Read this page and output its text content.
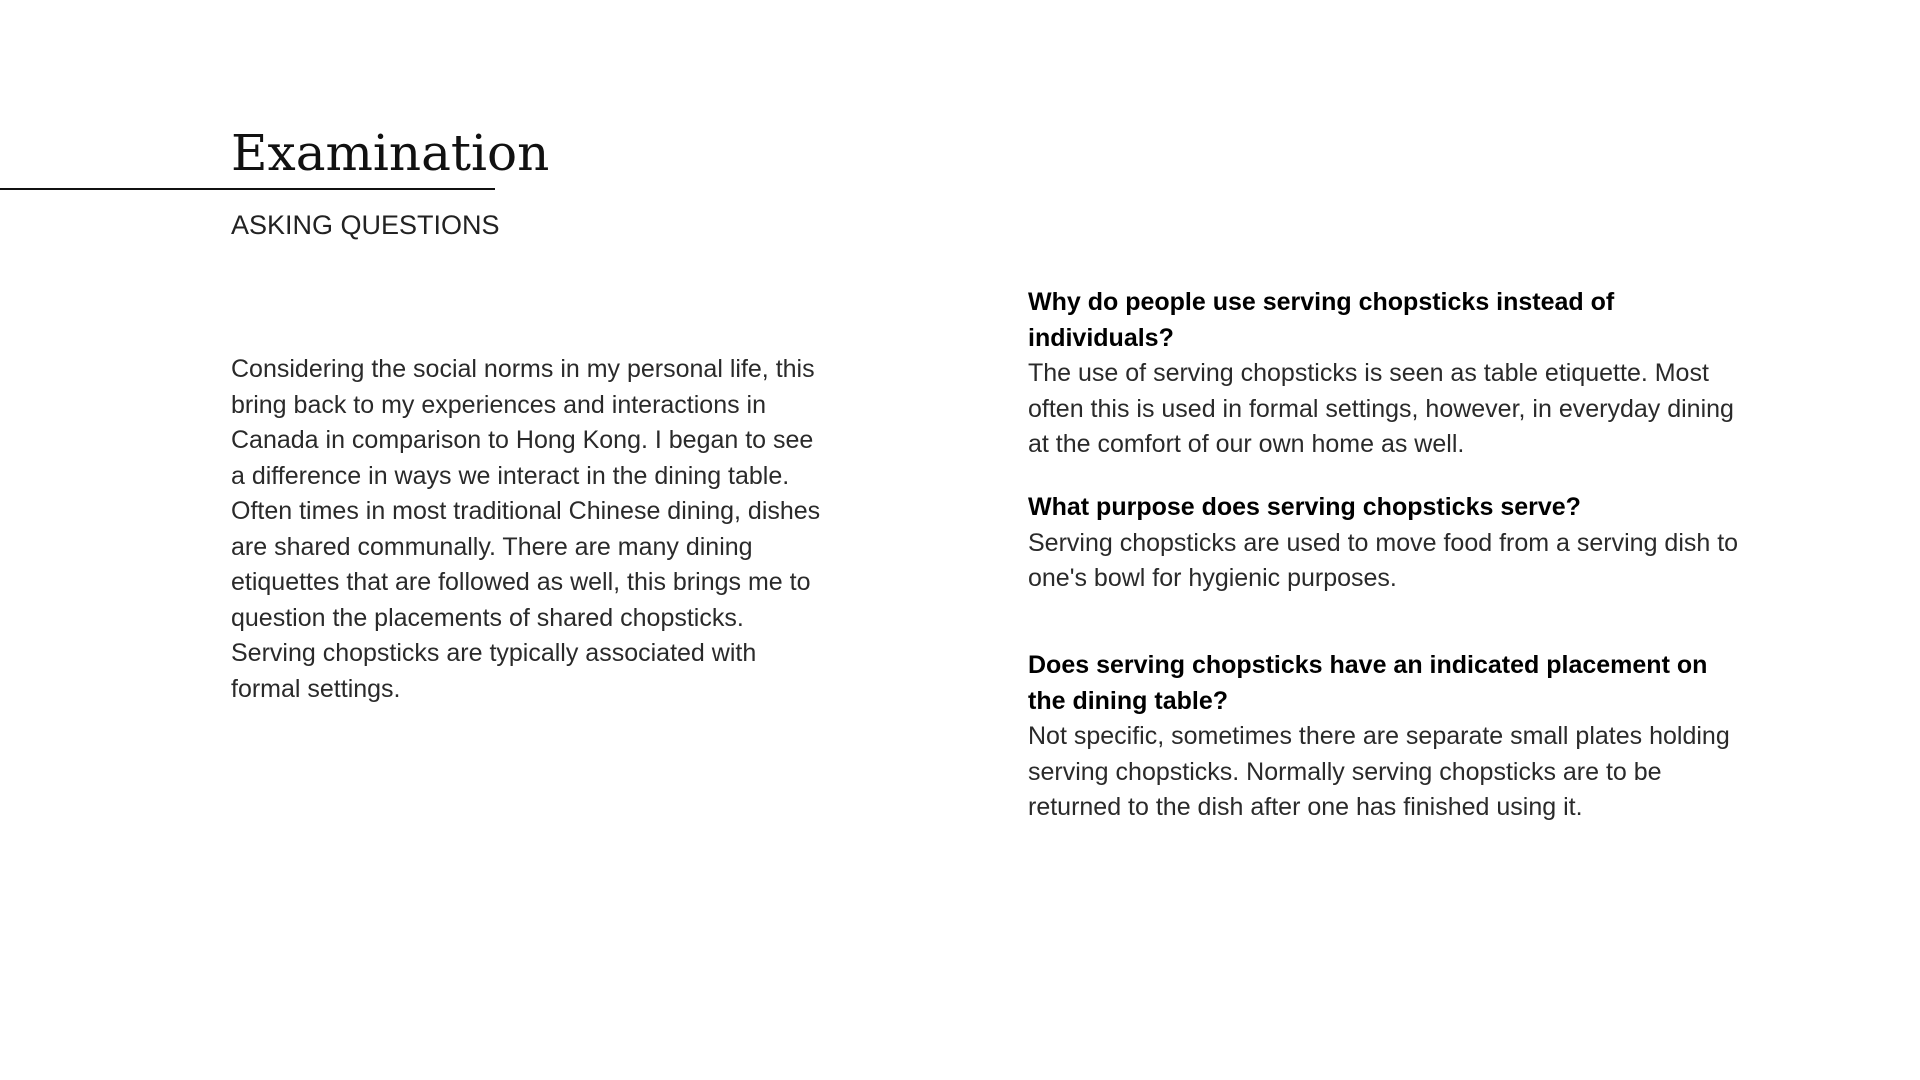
Examination

ASKING QUESTIONS

Considering the social norms in my personal life, this bring back to my experiences and interactions in Canada in comparison to Hong Kong. I began to see a difference in ways we interact in the dining table. Often times in most traditional Chinese dining, dishes are shared communally. There are many dining etiquettes that are followed as well, this brings me to question the placements of shared chopsticks. Serving chopsticks are typically associated with formal settings.

Why do people use serving chopsticks instead of individuals?

The use of serving chopsticks is seen as table etiquette. Most often this is used in formal settings, however, in everyday dining at the comfort of our own home as well.

What purpose does serving chopsticks serve?

Serving chopsticks are used to move food from a serving dish to one's bowl for hygienic purposes.

Does serving chopsticks have an indicated placement on the dining table?

Not specific, sometimes there are separate small plates holding serving chopsticks. Normally serving chopsticks are to be returned to the dish after one has finished using it.
